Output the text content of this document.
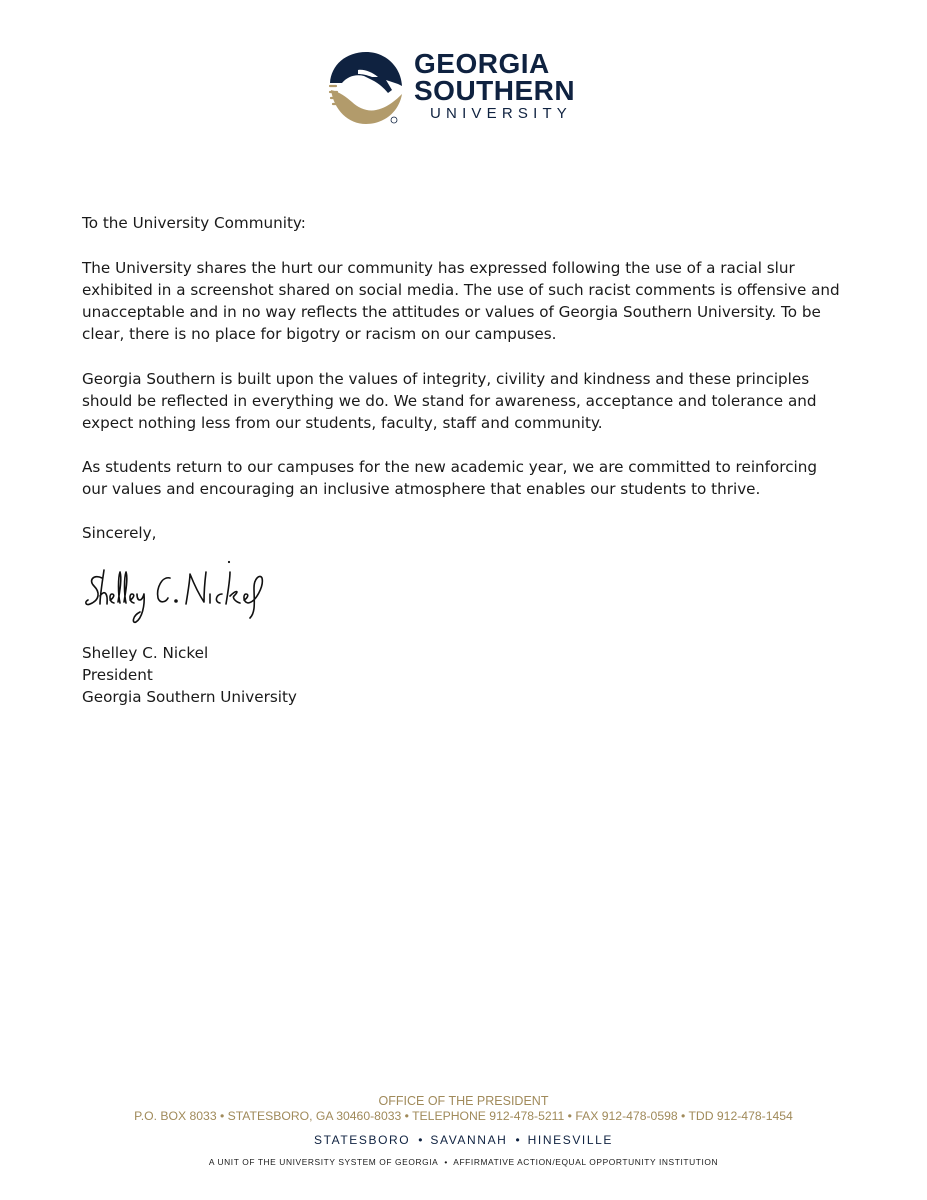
GEORGIA
SOUTHERN
UNIVERSITY

To the University Community:

The University shares the hurt our community has expressed following the use of a racial slur exhibited in a screenshot shared on social media. The use of such racist comments is offensive and unacceptable and in no way reflects the attitudes or values of Georgia Southern University. To be clear, there is no place for bigotry or racism on our campuses.

Georgia Southern is built upon the values of integrity, civility and kindness and these principles should be reflected in everything we do. We stand for awareness, acceptance and tolerance and expect nothing less from our students, faculty, staff and community.

As students return to our campuses for the new academic year, we are committed to reinforcing our values and encouraging an inclusive atmosphere that enables our students to thrive.

Sincerely,

Shelley C. Nickel
President
Georgia Southern University
OFFICE OF THE PRESIDENT
P.O. BOX 8033 • STATESBORO, GA 30460-8033 • TELEPHONE 912-478-5211 • FAX 912-478-0598 • TDD 912-478-1454
STATESBORO • SAVANNAH • HINESVILLE
A UNIT OF THE UNIVERSITY SYSTEM OF GEORGIA • AFFIRMATIVE ACTION/EQUAL OPPORTUNITY INSTITUTION
